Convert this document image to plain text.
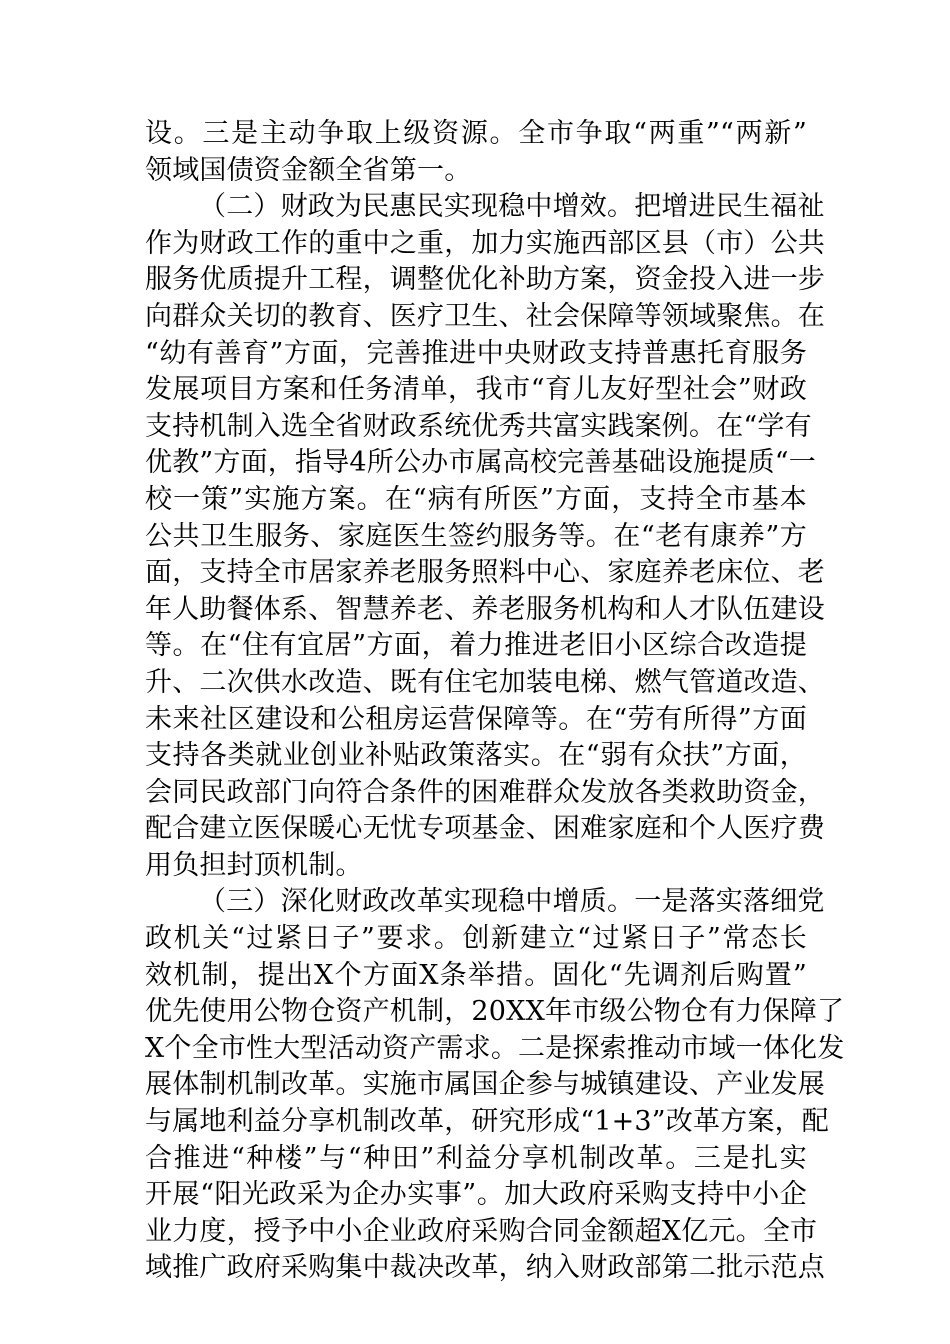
设。三是主动争取上级资源。全市争取“两重”“两新”
领域国债资金额全省第一。
（二）财政为民惠民实现稳中增效。把增进民生福祉
作为财政工作的重中之重，加力实施西部区县（市）公共
服务优质提升工程，调整优化补助方案，资金投入进一步
向群众关切的教育、医疗卫生、社会保障等领域聚焦。在
“幼有善育”方面，完善推进中央财政支持普惠托育服务
发展项目方案和任务清单，我市“育儿友好型社会”财政
支持机制入选全省财政系统优秀共富实践案例。在“学有
优教”方面，指导4所公办市属高校完善基础设施提质“一
校一策”实施方案。在“病有所医”方面，支持全市基本
公共卫生服务、家庭医生签约服务等。在“老有康养”方
面，支持全市居家养老服务照料中心、家庭养老床位、老
年人助餐体系、智慧养老、养老服务机构和人才队伍建设
等。在“住有宜居”方面，着力推进老旧小区综合改造提
升、二次供水改造、既有住宅加装电梯、燃气管道改造、
未来社区建设和公租房运营保障等。在“劳有所得”方面
支持各类就业创业补贴政策落实。在“弱有众扶”方面，
会同民政部门向符合条件的困难群众发放各类救助资金，
配合建立医保暖心无忧专项基金、困难家庭和个人医疗费
用负担封顶机制。
（三）深化财政改革实现稳中增质。一是落实落细党
政机关“过紧日子”要求。创新建立“过紧日子”常态长
效机制，提出X个方面X条举措。固化“先调剂后购置”
优先使用公物仓资产机制，20XX年市级公物仓有力保障了
X个全市性大型活动资产需求。二是探索推动市域一体化发
展体制机制改革。实施市属国企参与城镇建设、产业发展
与属地利益分享机制改革，研究形成“1+3”改革方案，配
合推进“种楼”与“种田”利益分享机制改革。三是扎实
开展“阳光政采为企办实事”。加大政府采购支持中小企
业力度，授予中小企业政府采购合同金额超X亿元。全市
域推广政府采购集中裁决改革，纳入财政部第二批示范点
